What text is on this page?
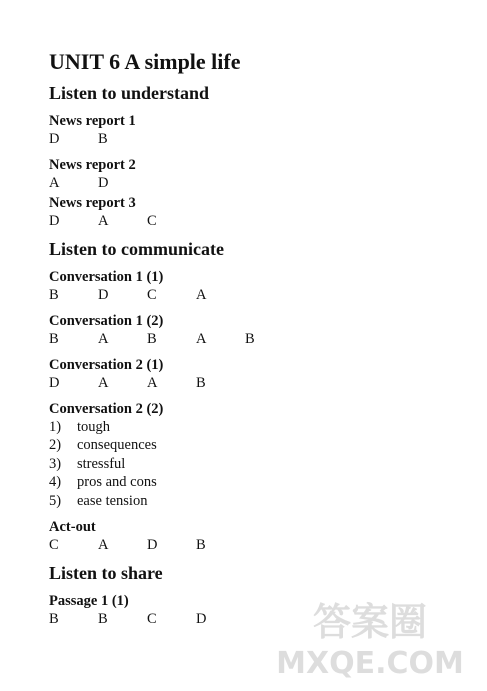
UNIT 6 A simple life
Listen to understand
News report 1
D	B
News report 2
A	D
News report 3
D	A	C
Listen to communicate
Conversation 1 (1)
B	D	C	A
Conversation 1 (2)
B	A	B	A	B
Conversation 2 (1)
D	A	A	B
Conversation 2 (2)
1)	tough
2)	consequences
3)	stressful
4)	pros and cons
5)	ease tension
Act-out
C	A	D	B
Listen to share
Passage 1 (1)
B	B	C	D	答案圈
MXQE.COM
